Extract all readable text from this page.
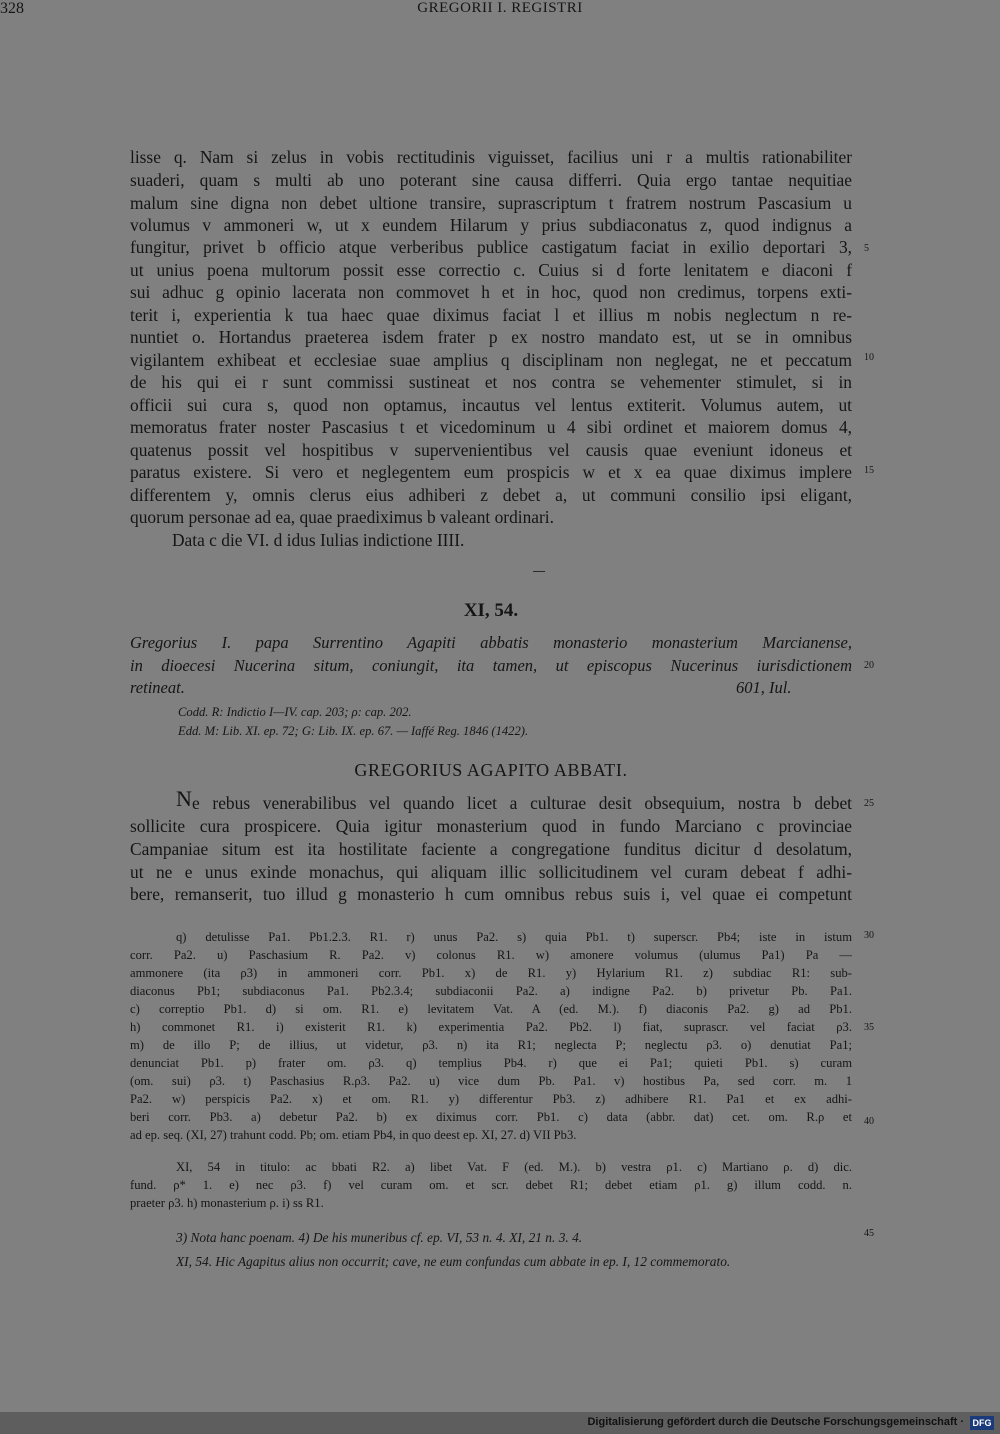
328	GREGORII I. REGISTRI
lisse q. Nam si zelus in vobis rectitudinis viguisset, facilius uni r a multis rationabiliter
suaderi, quam s multi ab uno poterant sine causa differri. Quia ergo tantae nequitiae
malum sine digna non debet ultione transire, suprascriptum t fratrem nostrum Pascasium u
volumus v ammoneri w, ut x eundem Hilarum y prius subdiaconatus z, quod indignus a
fungitur, privet b officio atque verberibus publice castigatum faciat in exilio deportari 3,
ut unius poena multorum possit esse correctio c. Cuius si d forte lenitatem e diaconi f
sui adhuc g opinio lacerata non commovet h et in hoc, quod non credimus, torpens exti-
terit i, experientia k tua haec quae diximus faciat l et illius m nobis neglectum n re-
nuntiet o. Hortandus praeterea isdem frater p ex nostro mandato est, ut se in omnibus
vigilantem exhibeat et ecclesiae suae amplius q disciplinam non neglegat, ne et peccatum
de his qui ei r sunt commissi sustineat et nos contra se vehementer stimulet, si in
officii sui cura s, quod non optamus, incautus vel lentus extiterit. Volumus autem, ut
memoratus frater noster Pascasius t et vicedominum u 4 sibi ordinet et maiorem domus 4,
quatenus possit vel hospitibus v supervenientibus vel causis quae eveniunt idoneus et
paratus existere. Si vero et neglegentem eum prospicis w et x ea quae diximus implere
differentem y, omnis clerus eius adhiberi z debet a, ut communi consilio ipsi eligant,
quorum personae ad ea, quae praediximus b valeant ordinari.
Data c die VI. d idus Iulias indictione IIII.
5
10
15
20
25
30
35
40
45
XI, 54.
Gregorius I. papa Surrentino Agapiti abbatis monasterio monasterium Marcianense,
in dioecesi Nucerina situm, coniungit, ita tamen, ut episcopus Nucerinus iurisdictionem
retineat.	601, Iul.
Codd. R: Indictio I—IV. cap. 203; ρ: cap. 202.
Edd. M: Lib. XI. ep. 72; G: Lib. IX. ep. 67. — Iaffé Reg. 1846 (1422).
GREGORIUS AGAPITO ABBATI.
N e rebus venerabilibus vel quando licet a culturae desit obsequium, nostra b debet
sollicite cura prospicere. Quia igitur monasterium quod in fundo Marciano c provinciae
Campaniae situm est ita hostilitate faciente a congregatione funditus dicitur d desolatum,
ut ne e unus exinde monachus, qui aliquam illic sollicitudinem vel curam debeat f adhi-
bere, remanserit, tuo illud g monasterio h cum omnibus rebus suis i, vel quae ei competunt
q) detulisse Pa1. Pb1.2.3. R1. r) unus Pa2. s) quia Pb1. t) superscr. Pb4; iste in istum
corr. Pa2. u) Paschasium R. Pa2. v) colonus R1. w) amonere volumus (ulumus Pa1) Pa —
ammonere (ita ρ3) in ammoneri corr. Pb1. x) de R1. y) Hylarium R1. z) subdiac R1: sub-
diaconus Pb1; subdiaconus Pa1. Pb2.3.4; subdiaconii Pa2. a) indigne Pa2. b) privetur Pb. Pa1.
c) correptio Pb1. d) si om. R1. e) levitatem Vat. A (ed. M.). f) diaconis Pa2. g) ad Pb1.
h) commonet R1. i) existerit R1. k) experimentia Pa2. Pb2. l) fiat, suprascr. vel faciat ρ3.
m) de illo P; de illius, ut videtur, ρ3. n) ita R1; neglecta P; neglectu ρ3. o) denutiat Pa1;
denunciat Pb1. p) frater om. ρ3. q) templius Pb4. r) que ei Pa1; quieti Pb1. s) curam
(om. sui) ρ3. t) Paschasius R.ρ3. Pa2. u) vice dum Pb. Pa1. v) hostibus Pa, sed corr. m. 1
Pa2. w) perspicis Pa2. x) et om. R1. y) differentur Pb3. z) adhibere R1. Pa1 et ex adhi-
beri corr. Pb3. a) debetur Pa2. b) ex diximus corr. Pb1. c) data (abbr. dat) cet. om. R.ρ et
ad ep. seq. (XI, 27) trahunt codd. Pb; om. etiam Pb4, in quo deest ep. XI, 27. d) VII Pb3.
XI, 54 in titulo: ac bbati R2. a) libet Vat. F (ed. M.). b) vestra ρ1. c) Martiano ρ. d) dic.
fund. ρ* 1. e) nec ρ3. f) vel curam om. et scr. debet R1; debet etiam ρ1. g) illum codd. n.
praeter ρ3. h) monasterium ρ. i) ss R1.
3) Nota hanc poenam. 4) De his muneribus cf. ep. VI, 53 n. 4. XI, 21 n. 3. 4.
XI, 54. Hic Agapitus alius non occurrit; cave, ne eum confundas cum abbate in ep. I, 12 commemorato.
Digitalisierung gefördert durch die Deutsche Forschungsgemeinschaft · DFG
